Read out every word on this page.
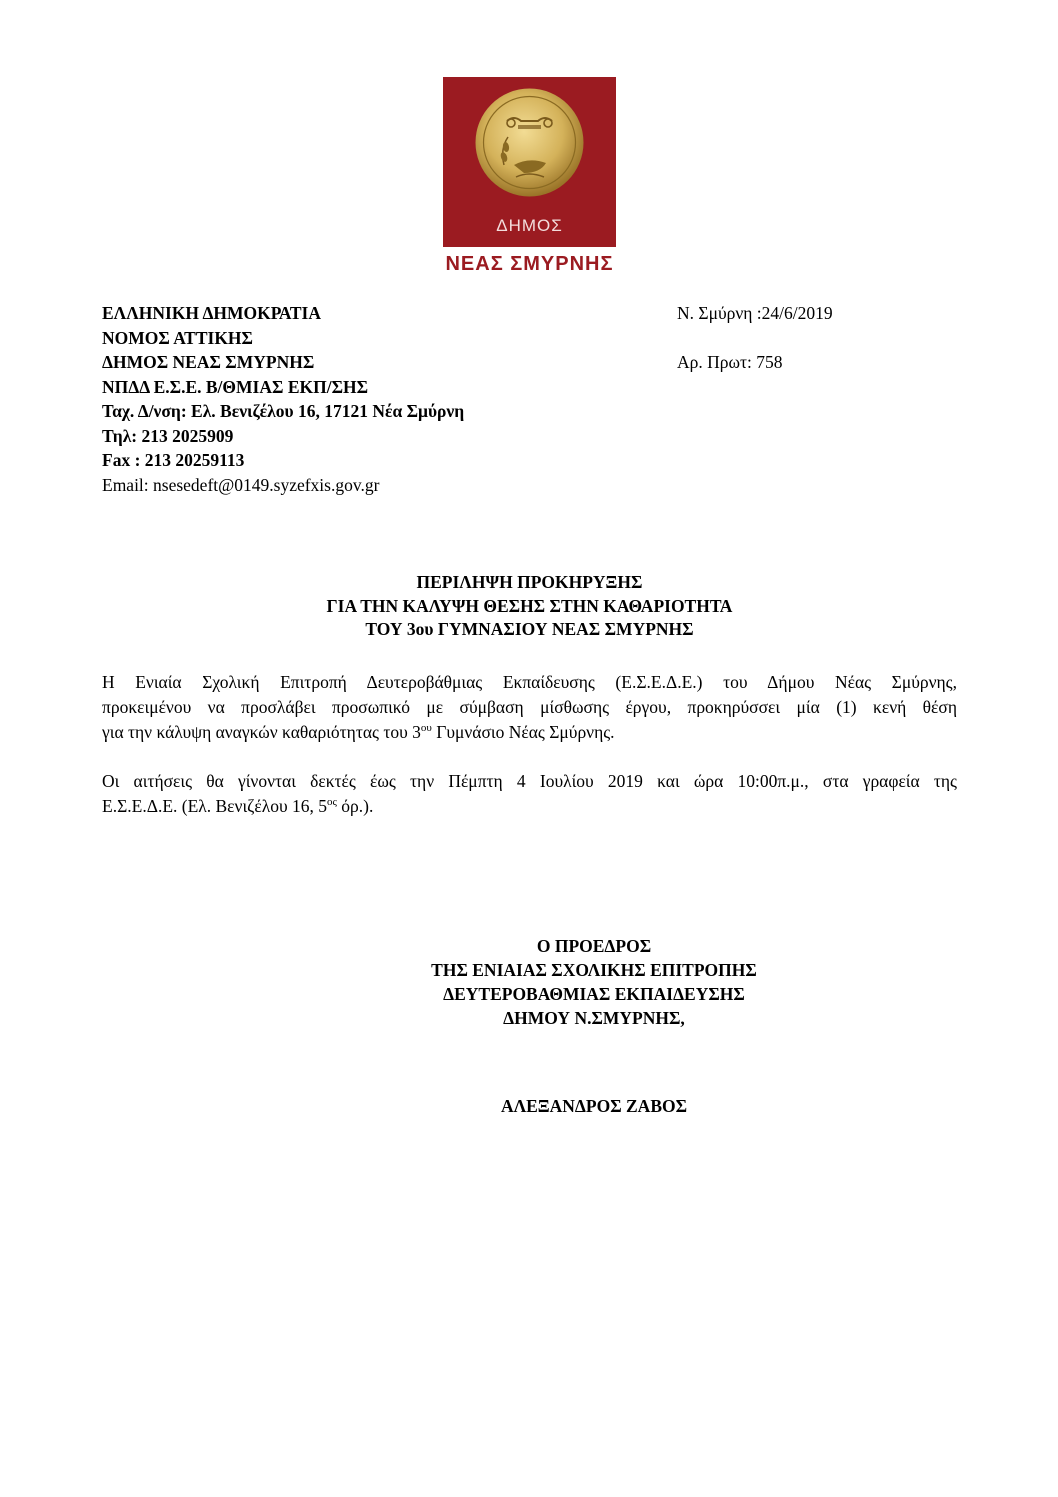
ΔΗΜΟΣ
ΝΕΑΣ ΣΜΥΡΝΗΣ
ΕΛΛΗΝΙΚΗ ΔΗΜΟΚΡΑΤΙΑ
ΝΟΜΟΣ ΑΤΤΙΚΗΣ
ΔΗΜΟΣ ΝΕΑΣ ΣΜΥΡΝΗΣ
ΝΠΔΔ Ε.Σ.Ε. Β/ΘΜΙΑΣ ΕΚΠ/ΣΗΣ
Ταχ. Δ/νση: Ελ. Βενιζέλου 16, 17121 Νέα Σμύρνη
Τηλ: 213 2025909
Fax : 213 20259113
Email: nsesedeft@0149.syzefxis.gov.gr
Ν. Σμύρνη :24/6/2019
Αρ. Πρωτ: 758
ΠΕΡΙΛΗΨΗ ΠΡΟΚΗΡΥΞΗΣ
ΓΙΑ ΤΗΝ ΚΑΛΥΨΗ ΘΕΣΗΣ ΣΤΗΝ ΚΑΘΑΡΙΟΤΗΤΑ
ΤΟΥ 3ου ΓΥΜΝΑΣΙΟΥ ΝΕΑΣ ΣΜΥΡΝΗΣ
Η Ενιαία Σχολική Επιτροπή Δευτεροβάθμιας Εκπαίδευσης (Ε.Σ.Ε.Δ.Ε.) του Δήμου Νέας Σμύρνης,
προκειμένου να προσλάβει προσωπικό με σύμβαση μίσθωσης έργου, προκηρύσσει μία (1) κενή θέση
για την κάλυψη αναγκών καθαριότητας του $3^{o\upsilon}$ Γυμνάσιο Νέας Σμύρνης.
Οι αιτήσεις θα γίνονται δεκτές έως την Πέμπτη 4 Ιουλίου 2019 και ώρα 10:00π.μ., στα γραφεία της
Ε.Σ.Ε.Δ.Ε. (Ελ. Βενιζέλου 16, $5^{o\varsigma}$ όρ.).
Ο ΠΡΟΕΔΡΟΣ
ΤΗΣ ΕΝΙΑΙΑΣ ΣΧΟΛΙΚΗΣ ΕΠΙΤΡΟΠΗΣ
ΔΕΥΤΕΡΟΒΑΘΜΙΑΣ ΕΚΠΑΙΔΕΥΣΗΣ
ΔΗΜΟΥ Ν.ΣΜΥΡΝΗΣ,
ΑΛΕΞΑΝΔΡΟΣ ΖΑΒΟΣ
